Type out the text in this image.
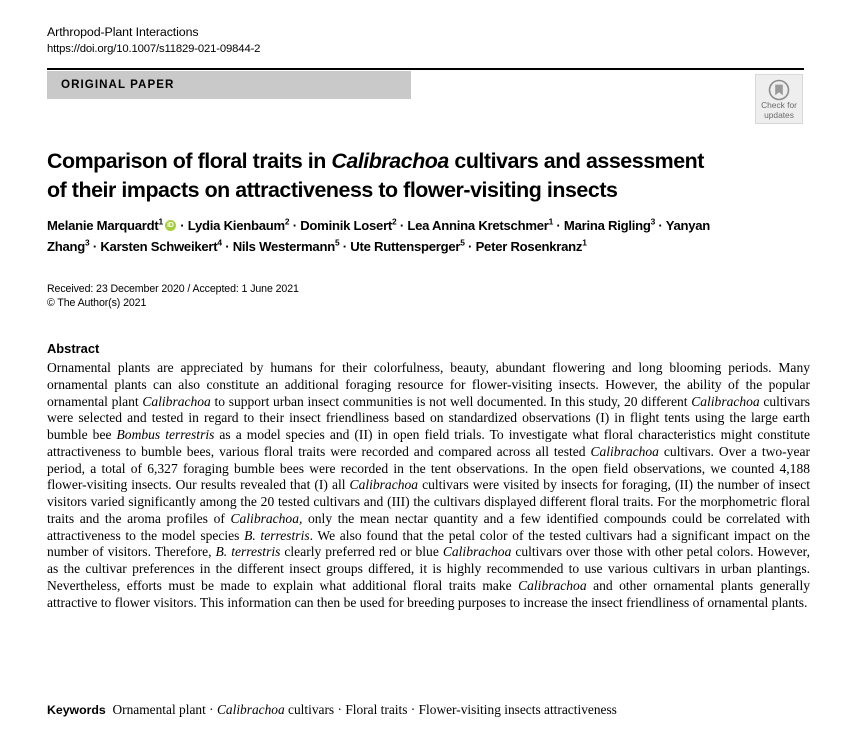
Arthropod-Plant Interactions
https://doi.org/10.1007/s11829-021-09844-2
ORIGINAL PAPER
Check for
updates
Comparison of floral traits in Calibrachoa cultivars and assessment of their impacts on attractiveness to flower-visiting insects
Melanie Marquardt$^1$iD · Lydia Kienbaum$^2$ · Dominik Losert$^2$ · Lea Annina Kretschmer$^1$ · Marina Rigling$^3$ · Yanyan Zhang$^3$ · Karsten Schweikert$^4$ · Nils Westermann$^5$ · Ute Ruttensperger$^5$ · Peter Rosenkranz$^1$
Received: 23 December 2020 / Accepted: 1 June 2021
© The Author(s) 2021
Abstract
Ornamental plants are appreciated by humans for their colorfulness, beauty, abundant flowering and long blooming periods. Many ornamental plants can also constitute an additional foraging resource for flower-visiting insects. However, the ability of the popular ornamental plant Calibrachoa to support urban insect communities is not well documented. In this study, 20 different Calibrachoa cultivars were selected and tested in regard to their insect friendliness based on standardized observations (I) in flight tents using the large earth bumble bee Bombus terrestris as a model species and (II) in open field trials. To investigate what floral characteristics might constitute attractiveness to bumble bees, various floral traits were recorded and compared across all tested Calibrachoa cultivars. Over a two-year period, a total of 6,327 foraging bumble bees were recorded in the tent observations. In the open field observations, we counted 4,188 flower-visiting insects. Our results revealed that (I) all Calibrachoa cultivars were visited by insects for foraging, (II) the number of insect visitors varied significantly among the 20 tested cultivars and (III) the cultivars displayed different floral traits. For the morphometric floral traits and the aroma profiles of Calibrachoa, only the mean nectar quantity and a few identified compounds could be correlated with attractiveness to the model species B. terrestris. We also found that the petal color of the tested cultivars had a significant impact on the number of visitors. Therefore, B. terrestris clearly preferred red or blue Calibrachoa cultivars over those with other petal colors. However, as the cultivar preferences in the different insect groups differed, it is highly recommended to use various cultivars in urban plantings. Nevertheless, efforts must be made to explain what additional floral traits make Calibrachoa and other ornamental plants generally attractive to flower visitors. This information can then be used for breeding purposes to increase the insect friendliness of ornamental plants.
Keywords Ornamental plant · Calibrachoa cultivars · Floral traits · Flower-visiting insects attractiveness
